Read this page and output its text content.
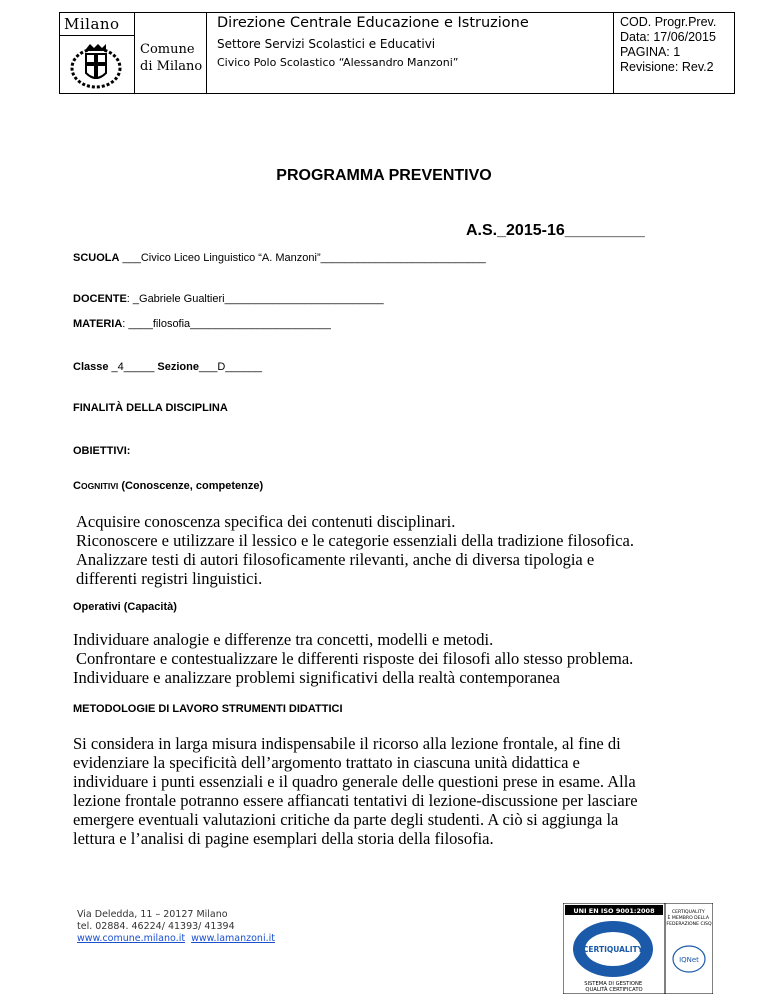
Milano
Comune
di Milano
Direzione Centrale Educazione e Istruzione
Settore Servizi Scolastici e Educativi
Civico Polo Scolastico “Alessandro Manzoni”
COD. Progr.Prev.
Data: 17/06/2015
PAGINA: 1
Revisione: Rev.2
PROGRAMMA PREVENTIVO
A.S._2015-16_________
SCUOLA ___Civico Liceo Linguistico “A. Manzoni”___________________________
DOCENTE: _Gabriele Gualtieri__________________________
MATERIA: ____filosofia_______________________
Classe _4_____ Sezione___D______
FINALITÀ DELLA DISCIPLINA
OBIETTIVI:
COGNITIVI (Conoscenze, competenze)
Acquisire conoscenza specifica dei contenuti disciplinari.
Riconoscere e utilizzare il lessico e le categorie essenziali della tradizione filosofica.
Analizzare testi di autori filosoficamente rilevanti, anche di diversa tipologia e
differenti registri linguistici.
Operativi (Capacità)
Individuare analogie e differenze tra concetti, modelli e metodi.
Confrontare e contestualizzare le differenti risposte dei filosofi allo stesso problema.
Individuare e analizzare problemi significativi della realtà contemporanea
METODOLOGIE DI LAVORO STRUMENTI DIDATTICI
Si considera in larga misura indispensabile il ricorso alla lezione frontale, al fine di
evidenziare la specificità dell’argomento trattato in ciascuna unità didattica e
individuare i punti essenziali e il quadro generale delle questioni prese in esame. Alla
lezione frontale potranno essere affiancati tentativi di lezione-discussione per lasciare
emergere eventuali valutazioni critiche da parte degli studenti. A ciò si aggiunga la
lettura e l’analisi di pagine esemplari della storia della filosofia.
Via Deledda, 11 – 20127 Milano
tel. 02884. 46224/ 41393/ 41394
www.comune.milano.it www.lamanzoni.it
UNI EN ISO 9001:2008
CERTIQUALITY
SISTEMA DI GESTIONE QUALITÀ CERTIFICATO
CERTIQUALITY È MEMBRO DELLA FEDERAZIONE CISQ
IQNet
